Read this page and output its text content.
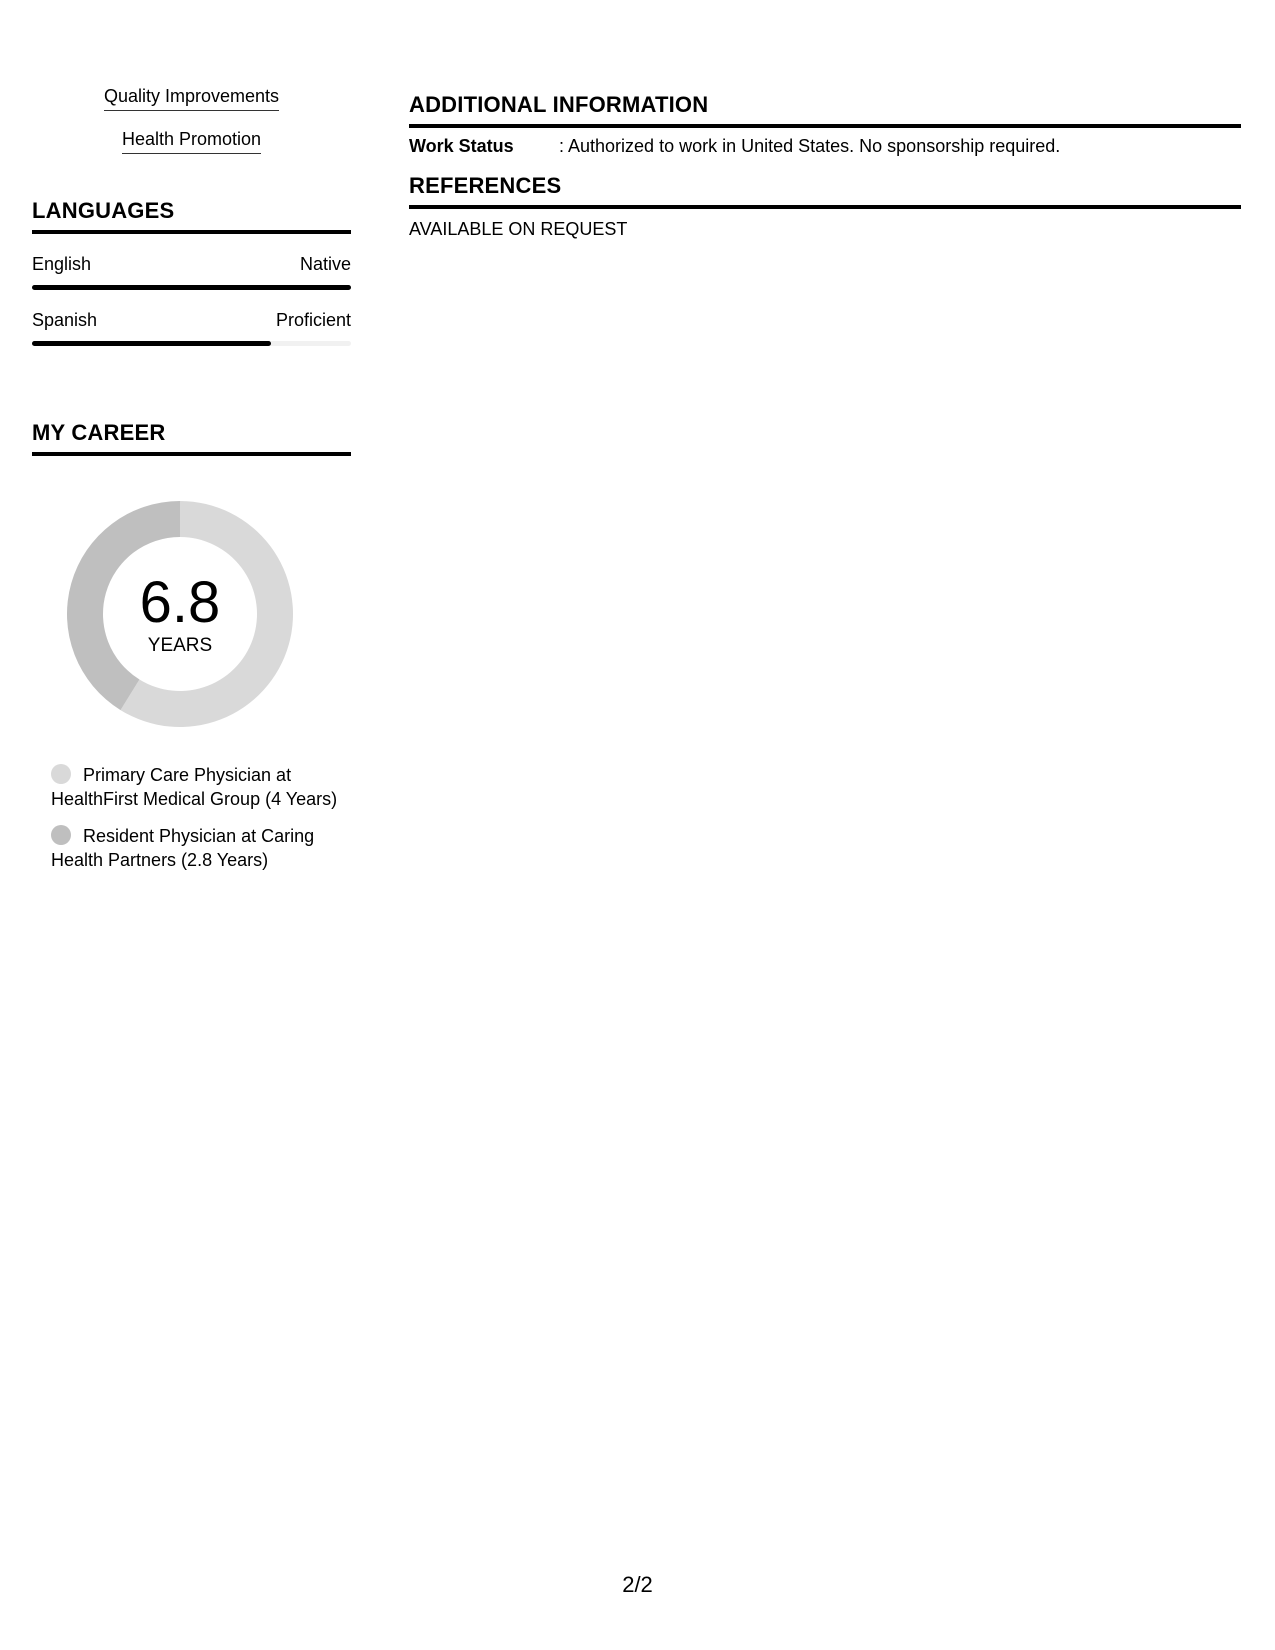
Quality Improvements
Health Promotion
LANGUAGES
English	Native
Spanish	Proficient
MY CAREER
6.8
YEARS
Primary Care Physician at HealthFirst Medical Group (4 Years)
Resident Physician at Caring Health Partners (2.8 Years)
ADDITIONAL INFORMATION
Work Status	: Authorized to work in United States. No sponsorship required.
REFERENCES
AVAILABLE ON REQUEST
2/2
